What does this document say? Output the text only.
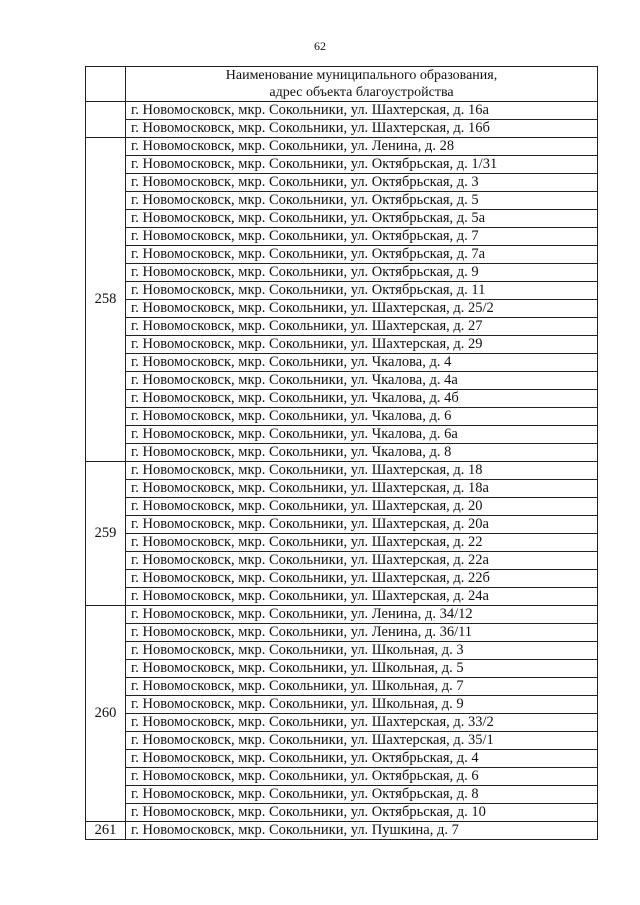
62

	Наименование муниципального образования,
адрес объекта благоустройства

	г. Новомосковск, мкр. Сокольники, ул. Шахтерская, д. 16а
	г. Новомосковск, мкр. Сокольники, ул. Шахтерская, д. 16б
258	г. Новомосковск, мкр. Сокольники, ул. Ленина, д. 28
	г. Новомосковск, мкр. Сокольники, ул. Октябрьская, д. 1/31
	г. Новомосковск, мкр. Сокольники, ул. Октябрьская, д. 3
	г. Новомосковск, мкр. Сокольники, ул. Октябрьская, д. 5
	г. Новомосковск, мкр. Сокольники, ул. Октябрьская, д. 5а
	г. Новомосковск, мкр. Сокольники, ул. Октябрьская, д. 7
	г. Новомосковск, мкр. Сокольники, ул. Октябрьская, д. 7а
	г. Новомосковск, мкр. Сокольники, ул. Октябрьская, д. 9
	г. Новомосковск, мкр. Сокольники, ул. Октябрьская, д. 11
	г. Новомосковск, мкр. Сокольники, ул. Шахтерская, д. 25/2
	г. Новомосковск, мкр. Сокольники, ул. Шахтерская, д. 27
	г. Новомосковск, мкр. Сокольники, ул. Шахтерская, д. 29
	г. Новомосковск, мкр. Сокольники, ул. Чкалова, д. 4
	г. Новомосковск, мкр. Сокольники, ул. Чкалова, д. 4а
	г. Новомосковск, мкр. Сокольники, ул. Чкалова, д. 4б
	г. Новомосковск, мкр. Сокольники, ул. Чкалова, д. 6
	г. Новомосковск, мкр. Сокольники, ул. Чкалова, д. 6а
	г. Новомосковск, мкр. Сокольники, ул. Чкалова, д. 8
259	г. Новомосковск, мкр. Сокольники, ул. Шахтерская, д. 18
	г. Новомосковск, мкр. Сокольники, ул. Шахтерская, д. 18а
	г. Новомосковск, мкр. Сокольники, ул. Шахтерская, д. 20
	г. Новомосковск, мкр. Сокольники, ул. Шахтерская, д. 20а
	г. Новомосковск, мкр. Сокольники, ул. Шахтерская, д. 22
	г. Новомосковск, мкр. Сокольники, ул. Шахтерская, д. 22а
	г. Новомосковск, мкр. Сокольники, ул. Шахтерская, д. 22б
	г. Новомосковск, мкр. Сокольники, ул. Шахтерская, д. 24а
260	г. Новомосковск, мкр. Сокольники, ул. Ленина, д. 34/12
	г. Новомосковск, мкр. Сокольники, ул. Ленина, д. 36/11
	г. Новомосковск, мкр. Сокольники, ул. Школьная, д. 3
	г. Новомосковск, мкр. Сокольники, ул. Школьная, д. 5
	г. Новомосковск, мкр. Сокольники, ул. Школьная, д. 7
	г. Новомосковск, мкр. Сокольники, ул. Школьная, д. 9
	г. Новомосковск, мкр. Сокольники, ул. Шахтерская, д. 33/2
	г. Новомосковск, мкр. Сокольники, ул. Шахтерская, д. 35/1
	г. Новомосковск, мкр. Сокольники, ул. Октябрьская, д. 4
	г. Новомосковск, мкр. Сокольники, ул. Октябрьская, д. 6
	г. Новомосковск, мкр. Сокольники, ул. Октябрьская, д. 8
	г. Новомосковск, мкр. Сокольники, ул. Октябрьская, д. 10
261	г. Новомосковск, мкр. Сокольники, ул. Пушкина, д. 7
